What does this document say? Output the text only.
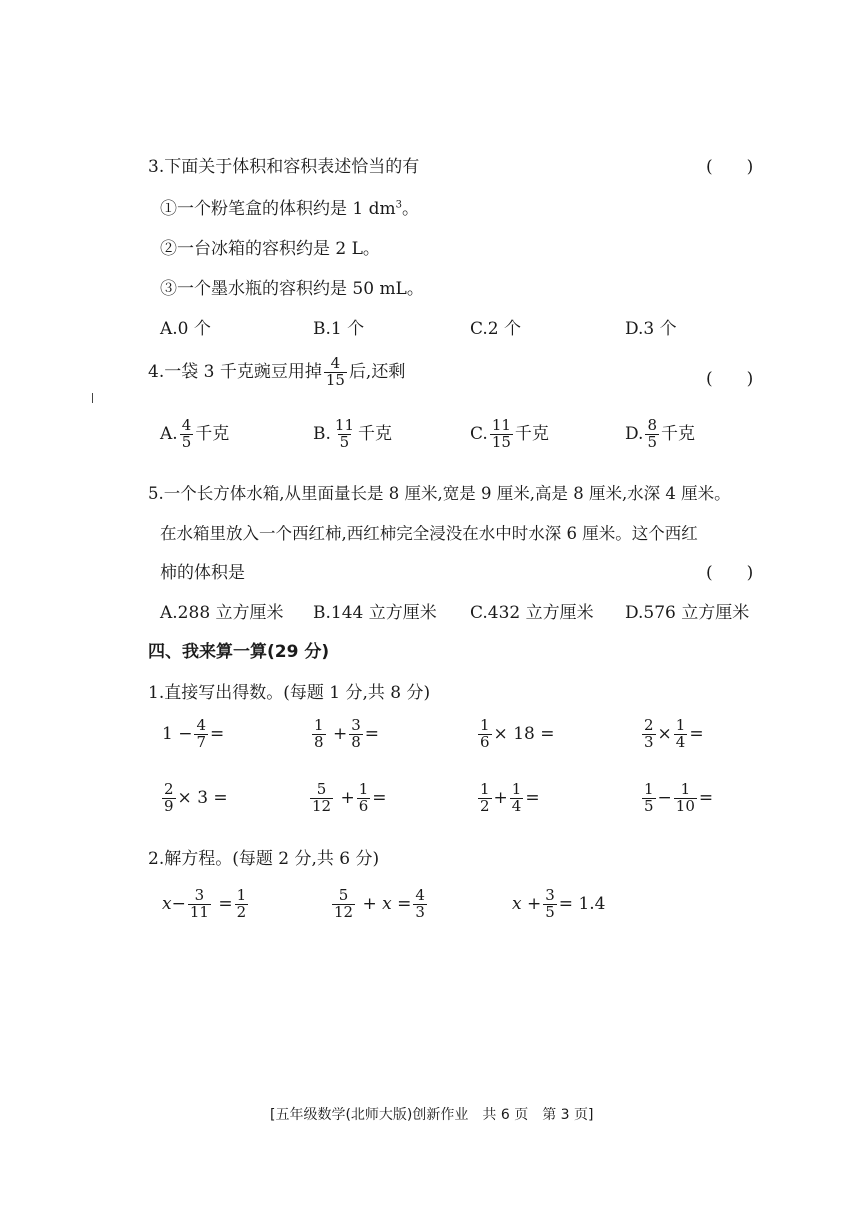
3.下面关于体积和容积表述恰当的有	(　　)
①一个粉笔盒的体积约是 1 $dm^3$。
②一台冰箱的容积约是 2 L。
③一个墨水瓶的容积约是 50 mL。
A.0 个	B.1 个	C.2 个	D.3 个
4.一袋 3 千克豌豆用掉 $\frac{4}{15}$ 后,还剩	(　　)
A. $\frac{4}{5}$ 千克	B. $\frac{11}{5}$ 千克	C. $\frac{11}{15}$ 千克	D. $\frac{8}{5}$ 千克
5.一个长方体水箱,从里面量长是 8 厘米,宽是 9 厘米,高是 8 厘米,水深 4 厘米。
在水箱里放入一个西红柿,西红柿完全浸没在水中时水深 6 厘米。这个西红
柿的体积是	(　　)
A.288 立方厘米 B.144 立方厘米 C.432 立方厘米 D.576 立方厘米
四、我来算一算(29 分)
1.直接写出得数。(每题 1 分,共 8 分)
$1 - \frac{4}{7}$ =	$\frac{1}{8} + \frac{3}{8}$ =	$\frac{1}{6} \times 18$ =	$\frac{2}{3} \times \frac{1}{4}$ =
$\frac{2}{9} \times 3$ =	$\frac{5}{12} + \frac{1}{6}$ =	$\frac{1}{2} + \frac{1}{4}$ =	$\frac{1}{5} - \frac{1}{10}$ =
2.解方程。(每题 2 分,共 6 分)
$x- \frac{3}{11} = \frac{1}{2}$	$\frac{5}{12} + x = \frac{4}{3}$	$x + \frac{3}{5} = 1.4$
[五年级数学(北师大版)创新作业　共 6 页　第 3 页]
